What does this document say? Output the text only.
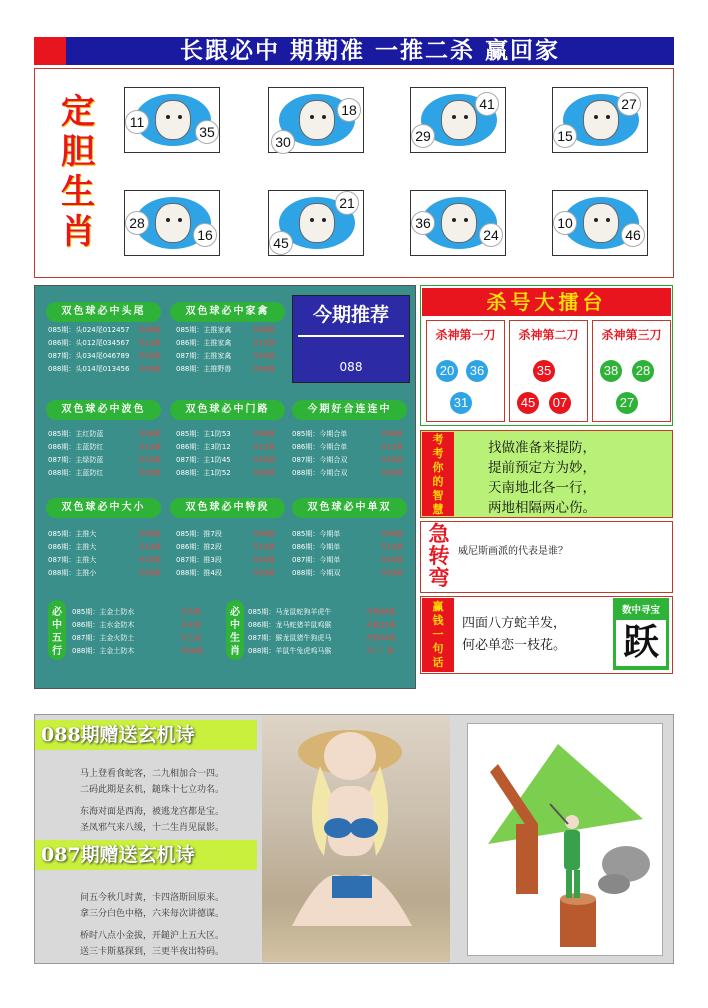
长跟必中 期期准 一推二杀 赢回家
定
胆
生
肖
11
35
30
18
29
41
15
27
28
16	45
21
36
24
10
46
双色球必中头尾
085期：头024尾012457 开08准
086期：头012尾034567 开13准
087期：头034尾046789 开20准
088期：头014尾013456 开00准
双色球必中家禽
085期：主推家禽	开08准
086期：主推家禽	开13准
087期：主推家禽	开20准
088期：主推野兽	开00准
双色球必中波色
085期：主红防蓝	开08准
086期：主蓝防红	开13准
087期：主绿防蓝	开20准
088期：主蓝防红	开00准
双色球必中门路
085期：主1防53	开08准
086期：主3防12	开13准
087期：主1防45	开20准
088期：主1防52	开00准
今期好合连连中
085期：今期合单	开08准
086期：今期合单	开13准
087期：今期合双	开20准
088期：今期合双	开00准
双色球必中大小
085期：主推大	开08准
086期：主推大	开13准
087期：主推大	开20准
088期：主推小	开00准
双色球必中特段
085期：推7段	开08准
086期：推2段	开13准
087期：推3段	开20准
088期：推4段	开00准
双色球必中单双
085期：今期单	开08准
086期：今期单	开13准
087期：今期单	开20准
088期：今期双	开00准
必中五行
085期：主金土防水	开木错
086期：主水金防木	开水准
087期：主金火防土	开土准
088期：主金土防木	开00准
必中生肖
085期：马龙鼠蛇狗羊虎牛	开狗08准
086期：龙马蛇猪羊鼠鸡猴	开猴13准
087期：猴龙鼠猪牛狗虎马	开狗20准
088期：羊鼠牛兔虎鸡马猴	开？？准
今期推荐
088
杀号大擂台
杀神第一刀
20 36
31
杀神第二刀
35
45 07
杀神第三刀
38 28
27
考考你的智慧
找做准备来提防，
提前预定方为妙，
天南地北各一行，
两地相隔两心伤。
急转弯
威尼斯画派的代表是谁？
赢钱一句话
四面八方蛇羊发，
何必单恋一枝花。
数中寻宝
跃
088期赠送玄机诗
马上登看食蛇客，二九相加合一四。
二码此期是玄机，鎚珠十七立功名。
东海对面是西海，被逃龙宫都是宝。
圣凤邪气来八缓，十二生肖见鼠影。
087期赠送玄机诗
问五今秋几时黄，卡四洛斯回原来。
拿三分白色中格，六来每次讲德谋。
桥时八点小金拔，开鎚沪上五大区。
送三卡斯墓探到，三更半夜出特码。
